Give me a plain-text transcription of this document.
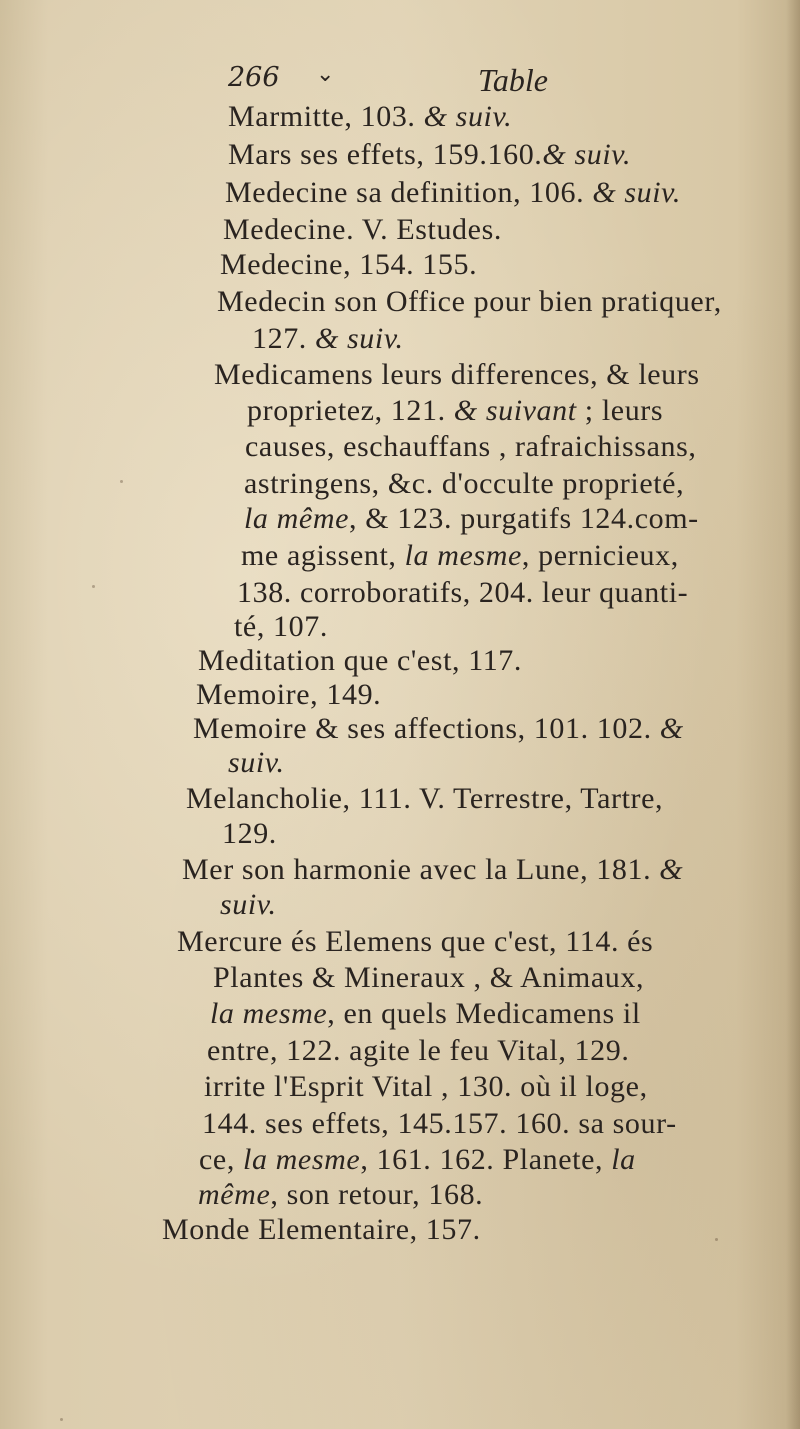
266 ⌄	Table
Marmitte, 103. & suiv.
Mars ses effets, 159.160.& suiv.
Medecine sa definition, 106. & suiv.
Medecine. V. Estudes.
Medecine, 154. 155.
Medecin son Office pour bien pratiquer,
127. & suiv.
Medicamens leurs differences, & leurs
proprietez, 121. & suivant ; leurs
causes, eschauffans , rafraichissans,
astringens, &c. d'occulte proprieté,
la même, & 123. purgatifs 124.com-
me agissent, la mesme, pernicieux,
138. corroboratifs, 204. leur quanti-
té, 107.
Meditation que c'est, 117.
Memoire, 149.
Memoire & ses affections, 101. 102. &
suiv.
Melancholie, 111. V. Terrestre, Tartre,
129.
Mer son harmonie avec la Lune, 181. &
suiv.
Mercure és Elemens que c'est, 114. és
Plantes & Mineraux , & Animaux,
la mesme, en quels Medicamens il
entre, 122. agite le feu Vital, 129.
irrite l'Esprit Vital , 130. où il loge,
144. ses effets, 145.157. 160. sa sour-
ce, la mesme, 161. 162. Planete, la
même, son retour, 168.
Monde Elementaire, 157.
